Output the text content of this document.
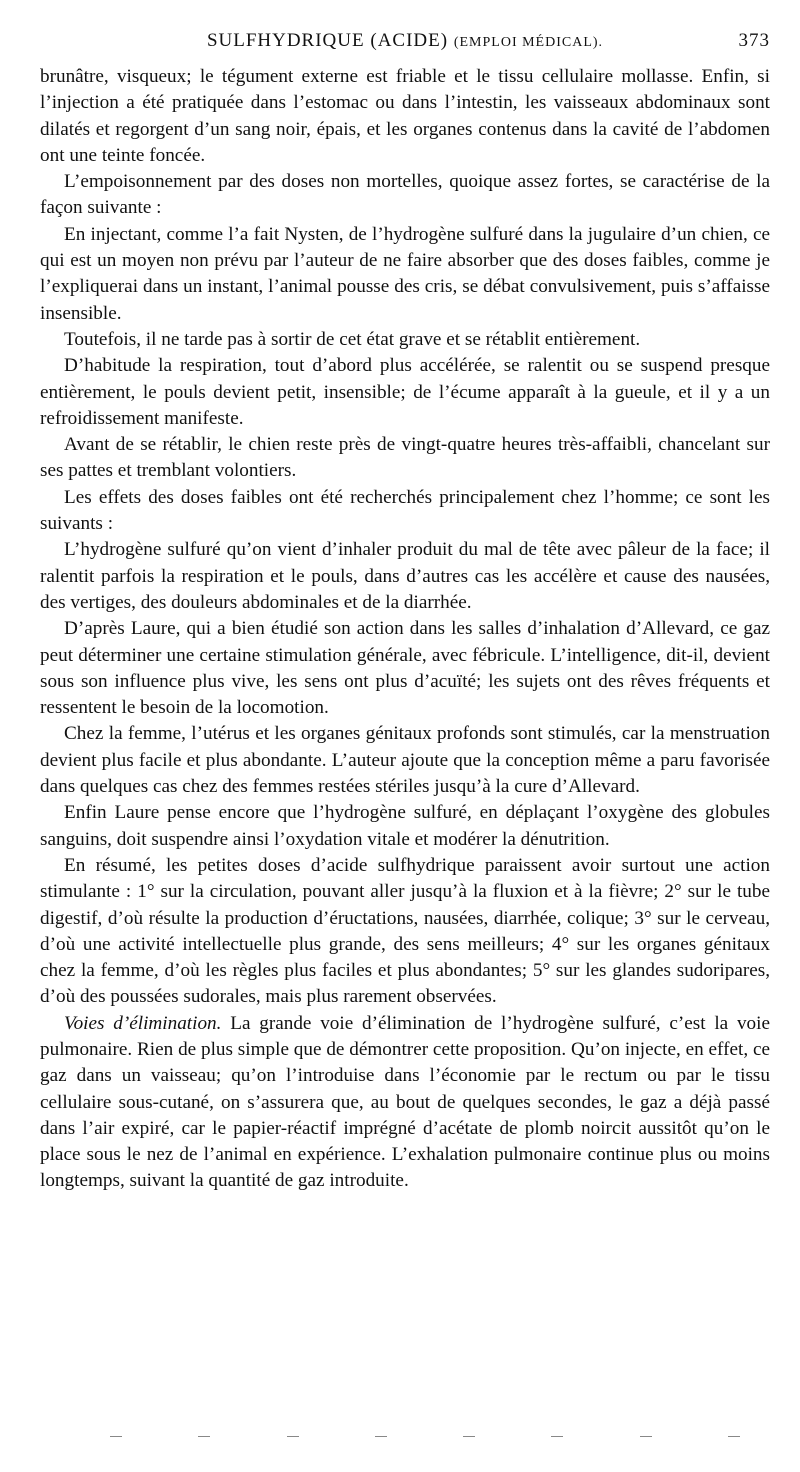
SULFHYDRIQUE (ACIDE) (EMPLOI MÉDICAL).	373

brunâtre, visqueux; le tégument externe est friable et le tissu cellulaire mollasse. Enfin, si l’injection a été pratiquée dans l’estomac ou dans l’intestin, les vaisseaux abdominaux sont dilatés et regorgent d’un sang noir, épais, et les organes contenus dans la cavité de l’abdomen ont une teinte foncée.

L’empoisonnement par des doses non mortelles, quoique assez fortes, se caractérise de la façon suivante :

En injectant, comme l’a fait Nysten, de l’hydrogène sulfuré dans la jugulaire d’un chien, ce qui est un moyen non prévu par l’auteur de ne faire absorber que des doses faibles, comme je l’expliquerai dans un instant, l’animal pousse des cris, se débat convulsivement, puis s’affaisse insensible.

Toutefois, il ne tarde pas à sortir de cet état grave et se rétablit entièrement.

D’habitude la respiration, tout d’abord plus accélérée, se ralentit ou se suspend presque entièrement, le pouls devient petit, insensible; de l’écume apparaît à la gueule, et il y a un refroidissement manifeste.

Avant de se rétablir, le chien reste près de vingt-quatre heures très-affaibli, chancelant sur ses pattes et tremblant volontiers.

Les effets des doses faibles ont été recherchés principalement chez l’homme; ce sont les suivants :

L’hydrogène sulfuré qu’on vient d’inhaler produit du mal de tête avec pâleur de la face; il ralentit parfois la respiration et le pouls, dans d’autres cas les accélère et cause des nausées, des vertiges, des douleurs abdominales et de la diarrhée.

D’après Laure, qui a bien étudié son action dans les salles d’inhalation d’Allevard, ce gaz peut déterminer une certaine stimulation générale, avec fébricule. L’intelligence, dit-il, devient sous son influence plus vive, les sens ont plus d’acuïté; les sujets ont des rêves fréquents et ressentent le besoin de la locomotion.

Chez la femme, l’utérus et les organes génitaux profonds sont stimulés, car la menstruation devient plus facile et plus abondante. L’auteur ajoute que la conception même a paru favorisée dans quelques cas chez des femmes restées stériles jusqu’à la cure d’Allevard.

Enfin Laure pense encore que l’hydrogène sulfuré, en déplaçant l’oxygène des globules sanguins, doit suspendre ainsi l’oxydation vitale et modérer la dénutrition.

En résumé, les petites doses d’acide sulfhydrique paraissent avoir surtout une action stimulante : 1° sur la circulation, pouvant aller jusqu’à la fluxion et à la fièvre; 2° sur le tube digestif, d’où résulte la production d’éructations, nausées, diarrhée, colique; 3° sur le cerveau, d’où une activité intellectuelle plus grande, des sens meilleurs; 4° sur les organes génitaux chez la femme, d’où les règles plus faciles et plus abondantes; 5° sur les glandes sudoripares, d’où des poussées sudorales, mais plus rarement observées.

Voies d’élimination. La grande voie d’élimination de l’hydrogène sulfuré, c’est la voie pulmonaire. Rien de plus simple que de démontrer cette proposition. Qu’on injecte, en effet, ce gaz dans un vaisseau; qu’on l’introduise dans l’économie par le rectum ou par le tissu cellulaire sous-cutané, on s’assurera que, au bout de quelques secondes, le gaz a déjà passé dans l’air expiré, car le papier-réactif imprégné d’acétate de plomb noircit aussitôt qu’on le place sous le nez de l’animal en expérience. L’exhalation pulmonaire continue plus ou moins longtemps, suivant la quantité de gaz introduite.
